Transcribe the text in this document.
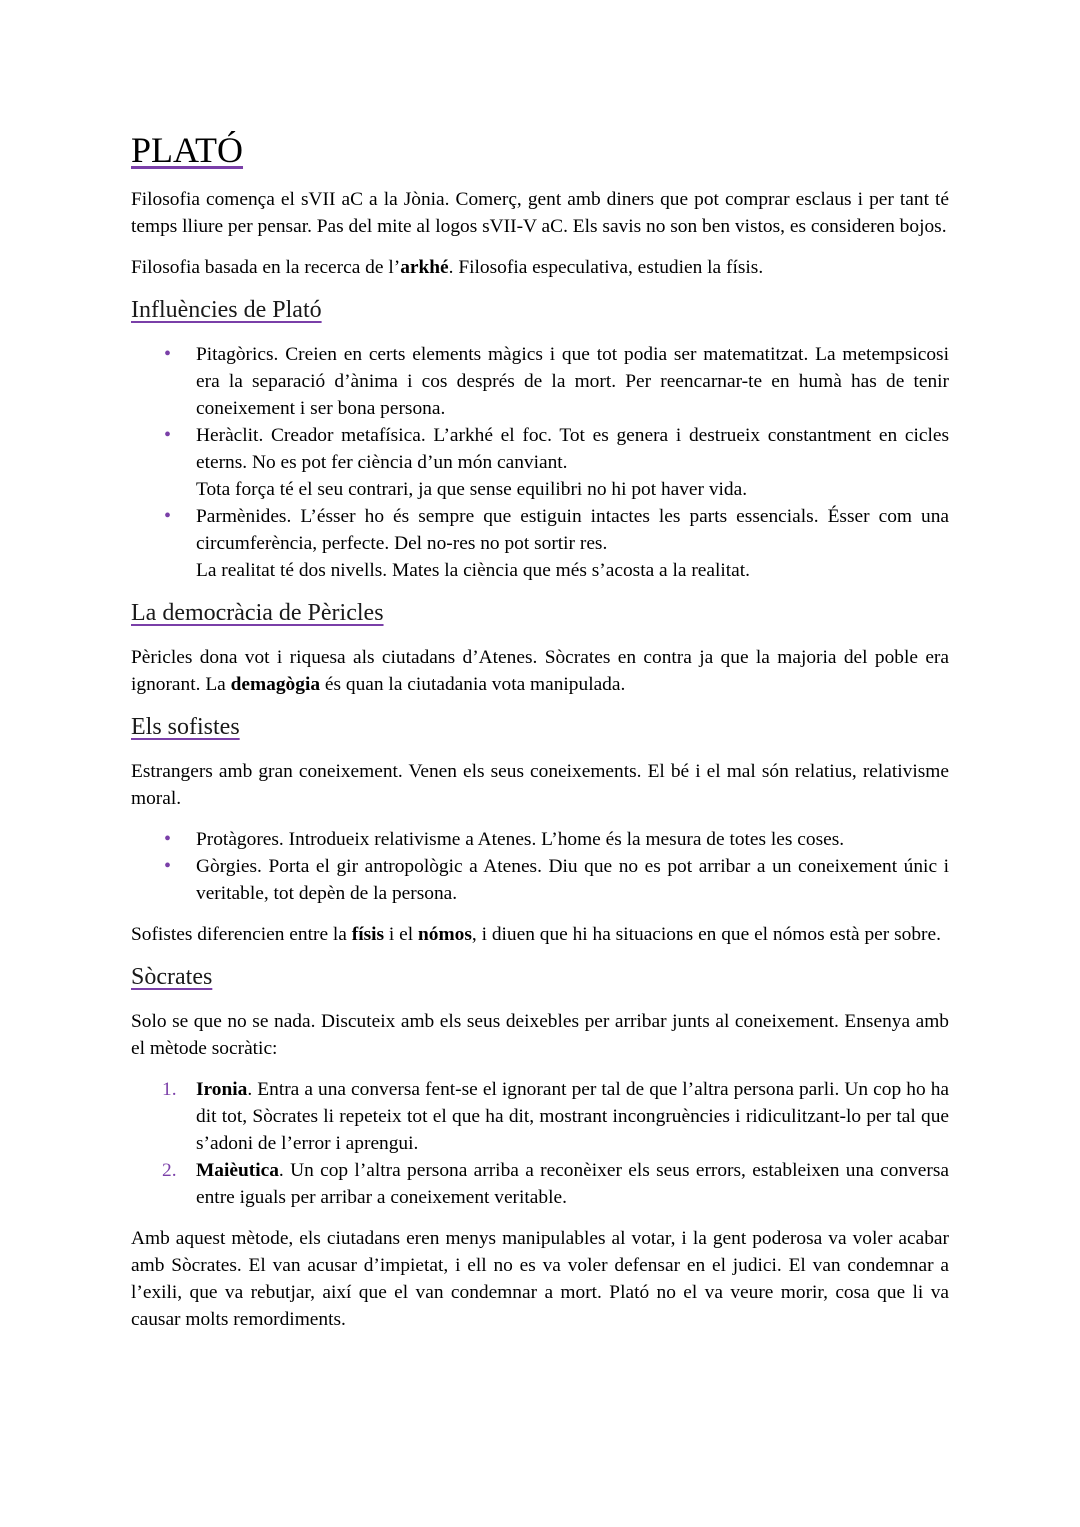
PLATÓ

Filosofia comença el sVII aC a la Jònia. Comerç, gent amb diners que pot comprar esclaus i per tant té temps lliure per pensar. Pas del mite al logos sVII-V aC. Els savis no son ben vistos, es consideren bojos.

Filosofia basada en la recerca de l’arkhé. Filosofia especulativa, estudien la físis.

Influències de Plató
• Pitagòrics. Creien en certs elements màgics i que tot podia ser matematitzat. La metempsicosi era la separació d’ànima i cos després de la mort. Per reencarnar-te en humà has de tenir coneixement i ser bona persona.
• Heràclit. Creador metafísica. L’arkhé el foc. Tot es genera i destrueix constantment en cicles eterns. No es pot fer ciència d’un món canviant.
Tota força té el seu contrari, ja que sense equilibri no hi pot haver vida.
• Parmènides. L’ésser ho és sempre que estiguin intactes les parts essencials. Ésser com una circumferència, perfecte. Del no-res no pot sortir res.
La realitat té dos nivells. Mates la ciència que més s’acosta a la realitat.
La democràcia de Pèricles

Pèricles dona vot i riquesa als ciutadans d’Atenes. Sòcrates en contra ja que la majoria del poble era ignorant. La demagògia és quan la ciutadania vota manipulada.

Els sofistes

Estrangers amb gran coneixement. Venen els seus coneixements. El bé i el mal són relatius, relativisme moral.

• Protàgores. Introdueix relativisme a Atenes. L’home és la mesura de totes les coses.
• Gòrgies. Porta el gir antropològic a Atenes. Diu que no es pot arribar a un coneixement únic i veritable, tot depèn de la persona.

Sofistes diferencien entre la físis i el nómos, i diuen que hi ha situacions en que el nómos està per sobre.

Sòcrates

Solo se que no se nada. Discuteix amb els seus deixebles per arribar junts al coneixement. Ensenya amb el mètode socràtic:

1. Ironia. Entra a una conversa fent-se el ignorant per tal de que l’altra persona parli. Un cop ho ha dit tot, Sòcrates li repeteix tot el que ha dit, mostrant incongruències i ridiculitzant-lo per tal que s’adoni de l’error i aprengui.
2. Maièutica. Un cop l’altra persona arriba a reconèixer els seus errors, estableixen una conversa entre iguals per arribar a coneixement veritable.

Amb aquest mètode, els ciutadans eren menys manipulables al votar, i la gent poderosa va voler acabar amb Sòcrates. El van acusar d’impietat, i ell no es va voler defensar en el judici. El van condemnar a l’exili, que va rebutjar, així que el van condemnar a mort. Plató no el va veure morir, cosa que li va causar molts remordiments.
